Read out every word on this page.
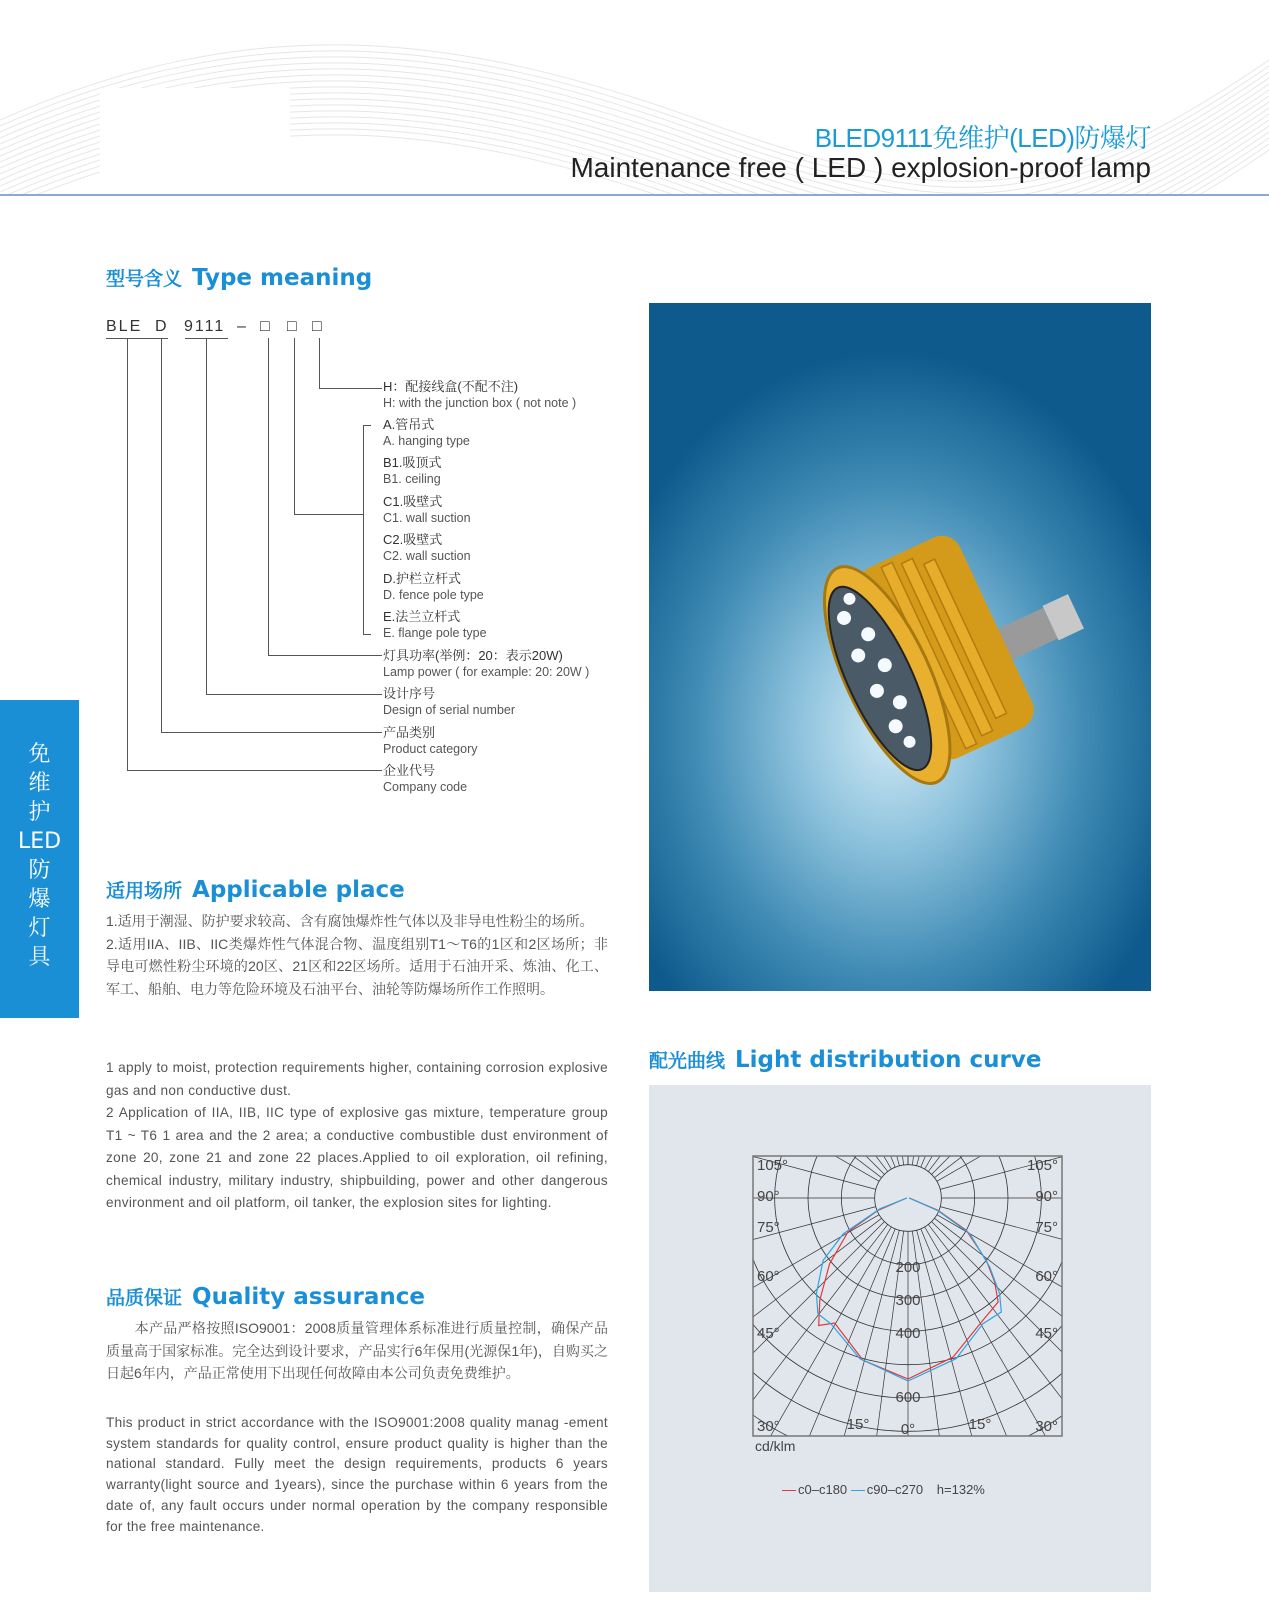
BLED9111免维护(LED)防爆灯
Maintenance free ( LED ) explosion-proof lamp
免
维
护
LED
防
爆
灯
具
型号含义 Type meaning
BLE D 9111 – □ □ □
H：配接线盒(不配不注)
H: with the junction box ( not note )
A.管吊式
A. hanging type
B1.吸顶式
B1. ceiling
C1.吸壁式
C1. wall suction
C2.吸壁式
C2. wall suction
D.护栏立杆式
D. fence pole type
E.法兰立杆式
E. flange pole type
灯具功率(举例：20：表示20W)
Lamp power ( for example: 20: 20W )
设计序号
Design of serial number
产品类别
Product category
企业代号
Company code
适用场所 Applicable place

1.适用于潮湿、防护要求较高、含有腐蚀爆炸性气体以及非导电性粉尘的场所。

2.适用IIA、IIB、IIC类爆炸性气体混合物、温度组别T1～T6的1区和2区场所；非导电可燃性粉尘环境的20区、21区和22区场所。适用于石油开采、炼油、化工、军工、船舶、电力等危险环境及石油平台、油轮等防爆场所作工作照明。

1 apply to moist, protection requirements higher, containing corrosion explosive gas and non conductive dust.

2 Application of IIA, IIB, IIC type of explosive gas mixture, temperature group T1 ~ T6 1 area and the 2 area; a conductive combustible dust environment of zone 20, zone 21 and zone 22 places.Applied to oil exploration, oil refining, chemical industry, military industry, shipbuilding, power and other dangerous environment and oil platform, oil tanker, the explosion sites for lighting.

品质保证 Quality assurance
　　本产品严格按照ISO9001：2008质量管理体系标准进行质量控制，确保产品质量高于国家标准。完全达到设计要求，产品实行6年保用(光源保1年)，自购买之日起6年内，产品正常使用下出现任何故障由本公司负责免费维护。
This product in strict accordance with the ISO9001:2008 quality manag -ement system standards for quality control, ensure product quality is higher than the national standard. Fully meet the design requirements, products 6 years warranty(light source and 1years), since the purchase within 6 years from the date of, any fault occurs under normal operation by the company responsible for the free maintenance.
配光曲线 Light distribution curve
105°
90°
75°
60°
45°
30°
105°
90°
75°
60°
45°
30°
15° 0°	15°
200
300
400
600
cd/klm
c0–c180 c90–c270 h=132%
